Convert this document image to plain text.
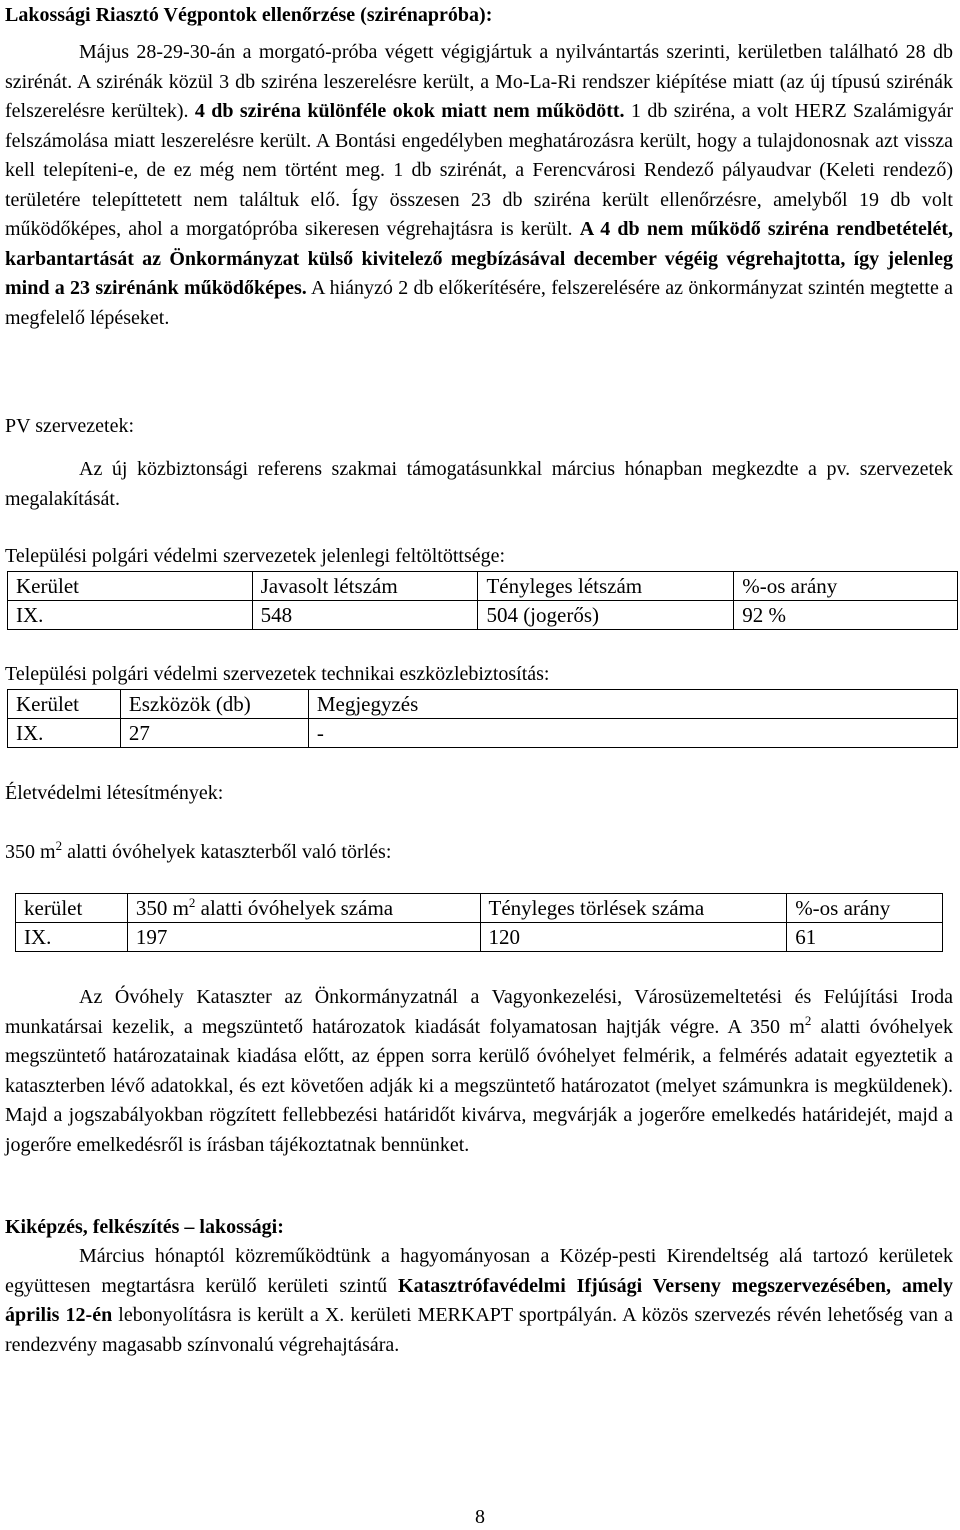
Lakossági Riasztó Végpontok ellenőrzése (szirénapróba):
Május 28-29-30-án a morgató-próba végett végigjártuk a nyilvántartás szerinti, kerületben található 28 db szirénát. A szirénák közül 3 db sziréna leszerelésre került, a Mo-La-Ri rendszer kiépítése miatt (az új típusú szirénák felszerelésre kerültek). 4 db sziréna különféle okok miatt nem működött. 1 db sziréna, a volt HERZ Szalámigyár felszámolása miatt leszerelésre került. A Bontási engedélyben meghatározásra került, hogy a tulajdonosnak azt vissza kell telepíteni-e, de ez még nem történt meg. 1 db szirénát, a Ferencvárosi Rendező pályaudvar (Keleti rendező) területére telepíttetett nem találtuk elő. Így összesen 23 db sziréna került ellenőrzésre, amelyből 19 db volt működőképes, ahol a morgatópróba sikeresen végrehajtásra is került. A 4 db nem működő sziréna rendbetételét, karbantartását az Önkormányzat külső kivitelező megbízásával december végéig végrehajtotta, így jelenleg mind a 23 szirénánk működőképes. A hiányzó 2 db előkerítésére, felszerelésére az önkormányzat szintén megtette a megfelelő lépéseket.
PV szervezetek:
Az új közbiztonsági referens szakmai támogatásunkkal március hónapban megkezdte a pv. szervezetek megalakítását.
Települési polgári védelmi szervezetek jelenlegi feltöltöttsége:
Kerület	Javasolt létszám	Tényleges létszám	%-os arány
IX.	548	504 (jogerős)	92 %
Települési polgári védelmi szervezetek technikai eszközlebiztosítás:
Kerület	Eszközök (db)	Megjegyzés
IX.	27	-
Életvédelmi létesítmények:
350 $m^2$ alatti óvóhelyek kataszterből való törlés:
kerület	350 $m^2$ alatti óvóhelyek száma	Tényleges törlések száma	%-os arány
IX.	197	120	61
Az Óvóhely Kataszter az Önkormányzatnál a Vagyonkezelési, Városüzemeltetési és Felújítási Iroda munkatársai kezelik, a megszüntető határozatok kiadását folyamatosan hajtják végre. A 350 $m^2$ alatti óvóhelyek megszüntető határozatainak kiadása előtt, az éppen sorra kerülő óvóhelyet felmérik, a felmérés adatait egyeztetik a kataszterben lévő adatokkal, és ezt követően adják ki a megszüntető határozatot (melyet számunkra is megküldenek). Majd a jogszabályokban rögzített fellebbezési határidőt kivárva, megvárják a jogerőre emelkedés határidejét, majd a jogerőre emelkedésről is írásban tájékoztatnak bennünket.
Kiképzés, felkészítés – lakossági:
Március hónaptól közreműködtünk a hagyományosan a Közép-pesti Kirendeltség alá tartozó kerületek együttesen megtartásra kerülő kerületi szintű Katasztrófavédelmi Ifjúsági Verseny megszervezésében, amely április 12-én lebonyolításra is került a X. kerületi MERKAPT sportpályán. A közös szervezés révén lehetőség van a rendezvény magasabb színvonalú végrehajtására.
8
